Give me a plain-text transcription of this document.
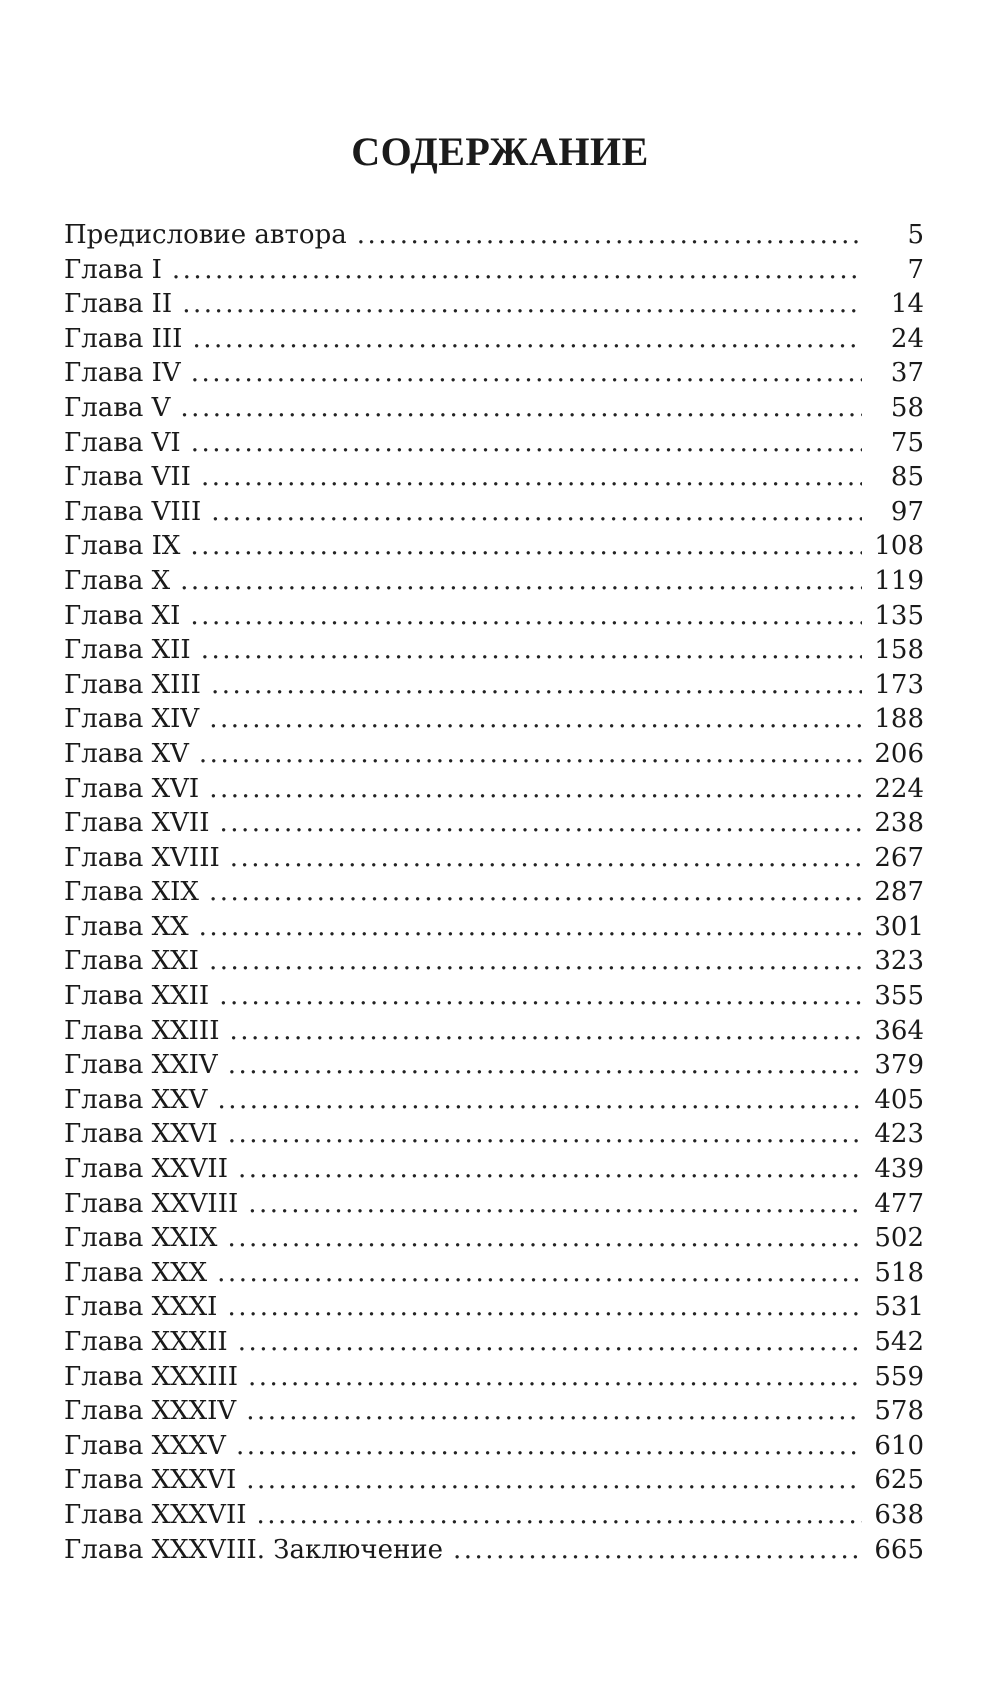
СОДЕРЖАНИЕ
Предисловие автора .....	5
Глава I .....	7
Глава II .....	14
Глава III .....	24
Глава IV .....	37
Глава V .....	58
Глава VI .....	75
Глава VII .....	85
Глава VIII .....	97
Глава IX .....	108
Глава X .....	119
Глава XI .....	135
Глава XII .....	158
Глава XIII .....	173
Глава XIV .....	188
Глава XV .....	206
Глава XVI .....	224
Глава XVII .....	238
Глава XVIII .....	267
Глава XIX .....	287
Глава XX .....	301
Глава XXI .....	323
Глава XXII .....	355
Глава XXIII .....	364
Глава XXIV .....	379
Глава XXV .....	405
Глава XXVI .....	423
Глава XXVII .....	439
Глава XXVIII .....	477
Глава XXIX .....	502
Глава XXX .....	518
Глава XXXI .....	531
Глава XXXII .....	542
Глава XXXIII .....	559
Глава XXXIV .....	578
Глава XXXV .....	610
Глава XXXVI .....	625
Глава XXXVII .....	638
Глава XXXVIII. Заключение .....	665
